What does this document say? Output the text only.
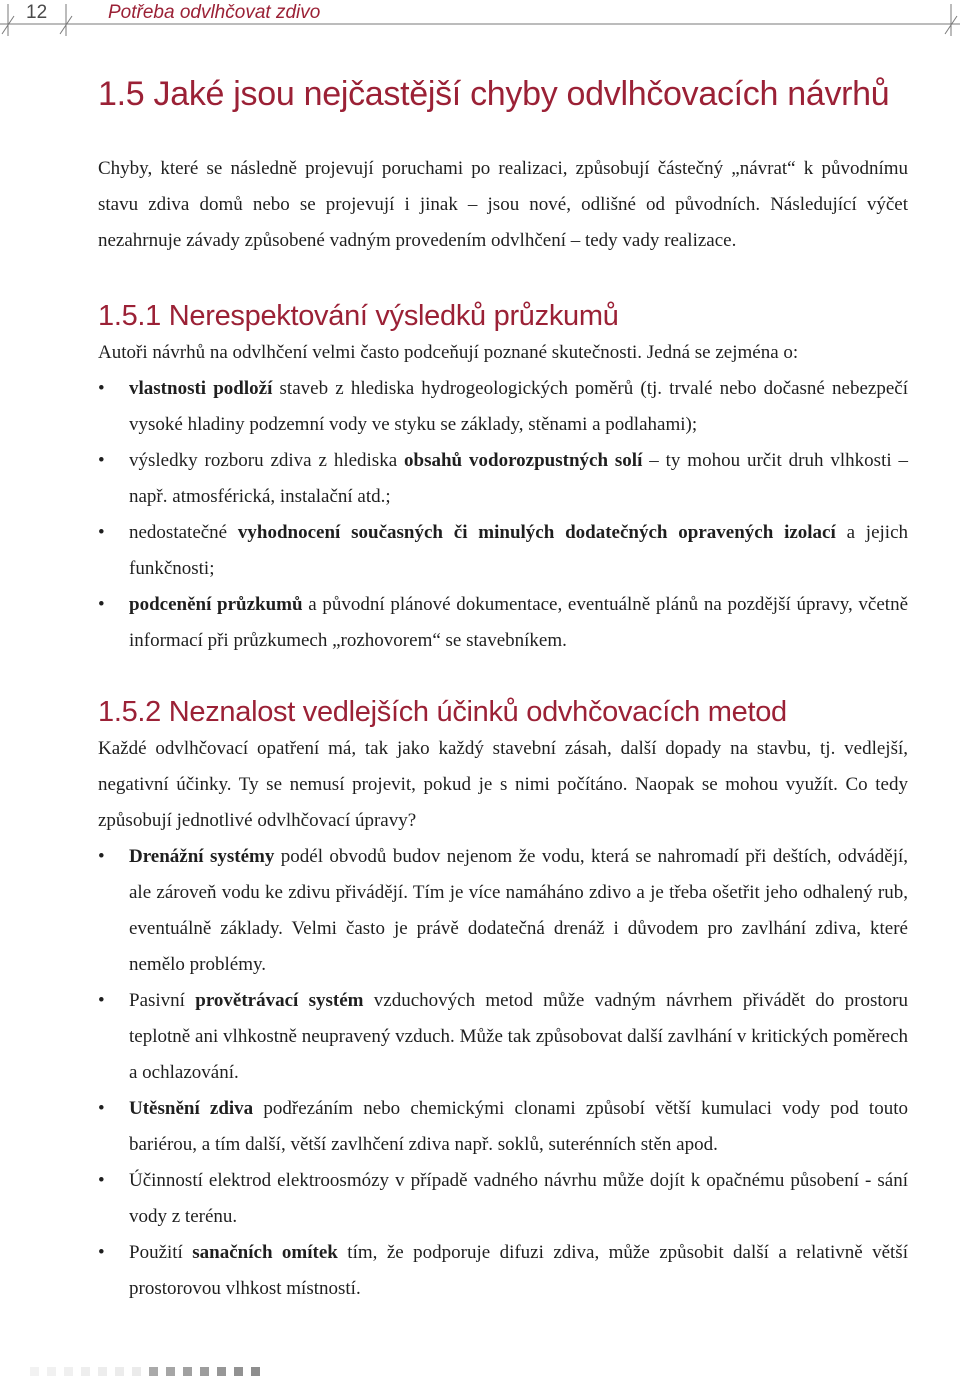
12	Potřeba odvlhčovat zdivo
1.5 Jaké jsou nejčastější chyby odvlhčovacích návrhů

Chyby, které se následně projevují poruchami po realizaci, způsobují částečný „návrat“ k původnímu stavu zdiva domů nebo se projevují i jinak – jsou nové, odlišné od původních. Následující výčet nezahrnuje závady způsobené vadným provedením odvlhčení – tedy vady realizace.

1.5.1 Nerespektování výsledků průzkumů

Autoři návrhů na odvlhčení velmi často podceňují poznané skutečnosti. Jedná se zejména o:

• vlastnosti podloží staveb z hlediska hydrogeologických poměrů (tj. trvalé nebo dočasné nebezpečí vysoké hladiny podzemní vody ve styku se základy, stěnami a podlahami);
• výsledky rozboru zdiva z hlediska obsahů vodorozpustných solí – ty mohou určit druh vlhkosti – např. atmosférická, instalační atd.;
• nedostatečné vyhodnocení současných či minulých dodatečných opravených izolací a jejich funkčnosti;
• podcenění průzkumů a původní plánové dokumentace, eventuálně plánů na pozdější úpravy, včetně informací při průzkumech „rozhovorem“ se stavebníkem.
1.5.2 Neznalost vedlejších účinků odvhčovacích metod

Každé odvlhčovací opatření má, tak jako každý stavební zásah, další dopady na stavbu, tj. vedlejší, negativní účinky. Ty se nemusí projevit, pokud je s nimi počítáno. Naopak se mohou využít. Co tedy způsobují jednotlivé odvlhčovací úpravy?

• Drenážní systémy podél obvodů budov nejenom že vodu, která se nahromadí při deštích, odvádějí, ale zároveň vodu ke zdivu přivádějí. Tím je více namáháno zdivo a je třeba ošetřit jeho odhalený rub, eventuálně základy. Velmi často je právě dodatečná drenáž i důvodem pro zavlhání zdiva, které nemělo problémy.
• Pasivní provětrávací systém vzduchových metod může vadným návrhem přivádět do prostoru teplotně ani vlhkostně neupravený vzduch. Může tak způsobovat další zavlhání v kritických poměrech a ochlazování.
• Utěsnění zdiva podřezáním nebo chemickými clonami způsobí větší kumulaci vody pod touto bariérou, a tím další, větší zavlhčení zdiva např. soklů, suterénních stěn apod.
• Účinností elektrod elektroosmózy v případě vadného návrhu může dojít k opačnému působení - sání vody z terénu.
• Použití sanačních omítek tím, že podporuje difuzi zdiva, může způsobit další a relativně větší prostorovou vlhkost místností.
